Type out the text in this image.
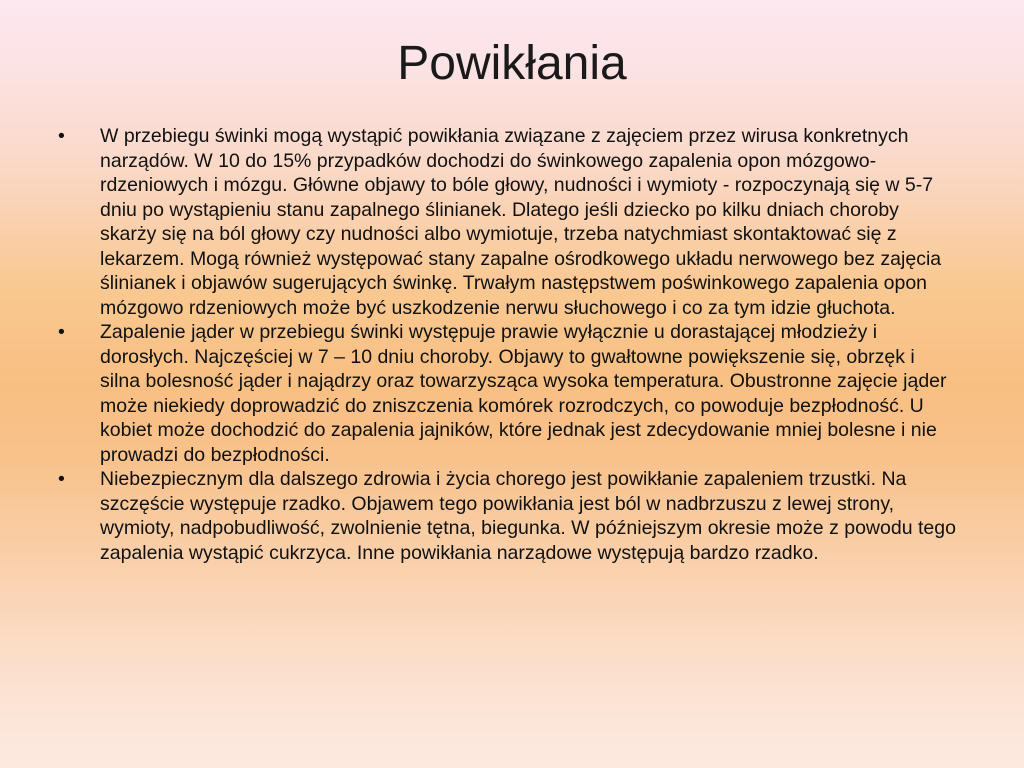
Powikłania
•	W przebiegu świnki mogą wystąpić powikłania związane z zajęciem przez wirusa konkretnych narządów. W 10 do 15% przypadków dochodzi do świnkowego zapalenia opon mózgowo-rdzeniowych i mózgu. Główne objawy to bóle głowy, nudności i wymioty - rozpoczynają się w 5-7 dniu po wystąpieniu stanu zapalnego ślinianek. Dlatego jeśli dziecko po kilku dniach choroby skarży się na ból głowy czy nudności albo wymiotuje, trzeba natychmiast skontaktować się z lekarzem. Mogą również występować stany zapalne ośrodkowego układu nerwowego bez zajęcia ślinianek i objawów sugerujących świnkę. Trwałym następstwem poświnkowego zapalenia opon mózgowo rdzeniowych może być uszkodzenie nerwu słuchowego i co za tym idzie głuchota.
•	Zapalenie jąder w przebiegu świnki występuje prawie wyłącznie u dorastającej młodzieży i dorosłych. Najczęściej w 7 – 10 dniu choroby. Objawy to gwałtowne powiększenie się, obrzęk i silna bolesność jąder i najądrzy oraz towarzysząca wysoka temperatura. Obustronne zajęcie jąder może niekiedy doprowadzić do zniszczenia komórek rozrodczych, co powoduje bezpłodność. U kobiet może dochodzić do zapalenia jajników, które jednak jest zdecydowanie mniej bolesne i nie prowadzi do bezpłodności.
•	Niebezpiecznym dla dalszego zdrowia i życia chorego jest powikłanie zapaleniem trzustki. Na szczęście występuje rzadko. Objawem tego powikłania jest ból w nadbrzuszu z lewej strony, wymioty, nadpobudliwość, zwolnienie tętna, biegunka. W późniejszym okresie może z powodu tego zapalenia wystąpić cukrzyca. Inne powikłania narządowe występują bardzo rzadko.
